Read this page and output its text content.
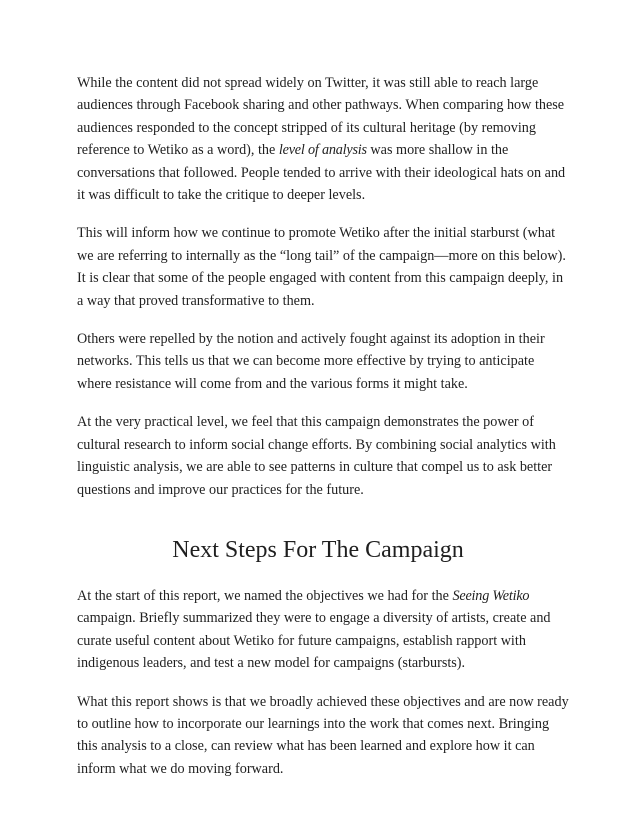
While the content did not spread widely on Twitter, it was still able to reach large audiences through Facebook sharing and other pathways. When comparing how these audiences responded to the concept stripped of its cultural heritage (by removing reference to Wetiko as a word), the level of analysis was more shallow in the conversations that followed. People tended to arrive with their ideological hats on and it was difficult to take the critique to deeper levels.

This will inform how we continue to promote Wetiko after the initial starburst (what we are referring to internally as the “long tail” of the campaign—more on this below). It is clear that some of the people engaged with content from this campaign deeply, in a way that proved transformative to them.

Others were repelled by the notion and actively fought against its adoption in their networks. This tells us that we can become more effective by trying to anticipate where resistance will come from and the various forms it might take.

At the very practical level, we feel that this campaign demonstrates the power of cultural research to inform social change efforts. By combining social analytics with linguistic analysis, we are able to see patterns in culture that compel us to ask better questions and improve our practices for the future.

Next Steps For The Campaign

At the start of this report, we named the objectives we had for the Seeing Wetiko campaign. Briefly summarized they were to engage a diversity of artists, create and curate useful content about Wetiko for future campaigns, establish rapport with indigenous leaders, and test a new model for campaigns (starbursts).

What this report shows is that we broadly achieved these objectives and are now ready to outline how to incorporate our learnings into the work that comes next. Bringing this analysis to a close, can review what has been learned and explore how it can inform what we do moving forward.
